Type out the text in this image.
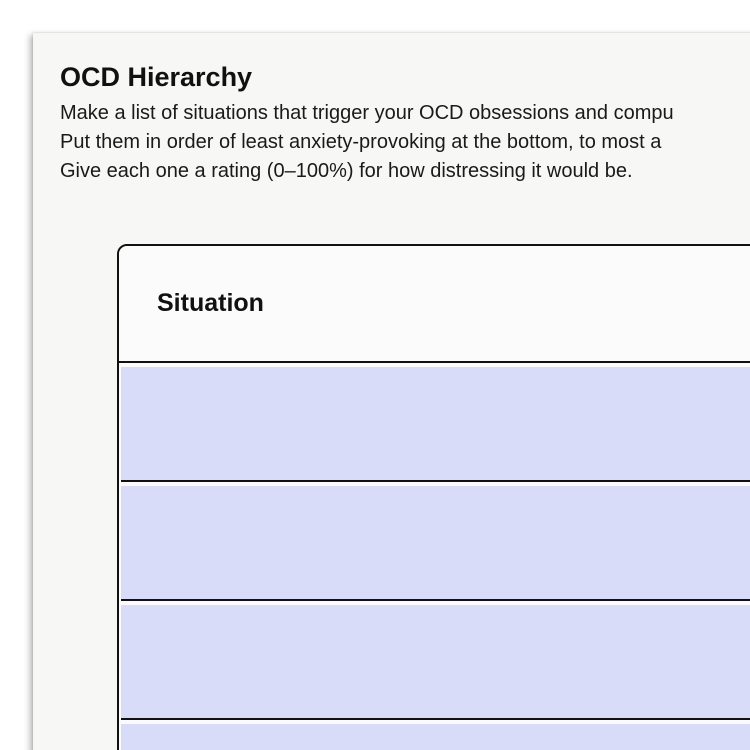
OCD Hierarchy
Make a list of situations that trigger your OCD obsessions and compu
Put them in order of least anxiety-provoking at the bottom, to most a
Give each one a rating (0–100%) for how distressing it would be.
Situation
